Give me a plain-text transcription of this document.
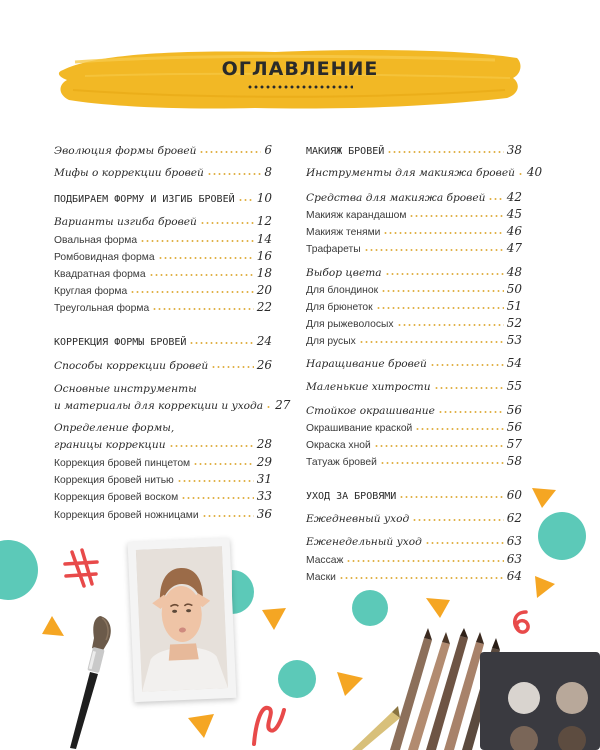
ОГЛАВЛЕНИЕ
Эволюция формы бровей	6
Мифы о коррекции бровей	8
ПОДБИРАЕМ ФОРМУ И ИЗГИБ БРОВЕЙ 10
Варианты изгиба бровей	12
Овальная форма	14
Ромбовидная форма	16
Квадратная форма	18
Круглая форма	20
Треугольная форма	22
КОРРЕКЦИЯ ФОРМЫ БРОВЕЙ	24
Способы коррекции бровей	26
Основные инструменты
и материалы для коррекции и ухода 27
Определение формы,
границы коррекции	28
Коррекция бровей пинцетом	29
Коррекция бровей нитью	31
Коррекция бровей воском	33
Коррекция бровей ножницами	36
МАКИЯЖ БРОВЕЙ	38
Инструменты для макияжа бровей 40
Средства для макияжа бровей 42
Макияж карандашом	45
Макияж тенями	46
Трафареты	47
Выбор цвета	48
Для блондинок	50
Для брюнеток	51
Для рыжеволосых	52
Для русых	53
Наращивание бровей	54
Маленькие хитрости	55
Стойкое окрашивание	56
Окрашивание краской	56
Окраска хной	57
Татуаж бровей	58
УХОД ЗА БРОВЯМИ	60
Ежедневный уход	62
Еженедельный уход	63
Массаж	63
Маски	64
